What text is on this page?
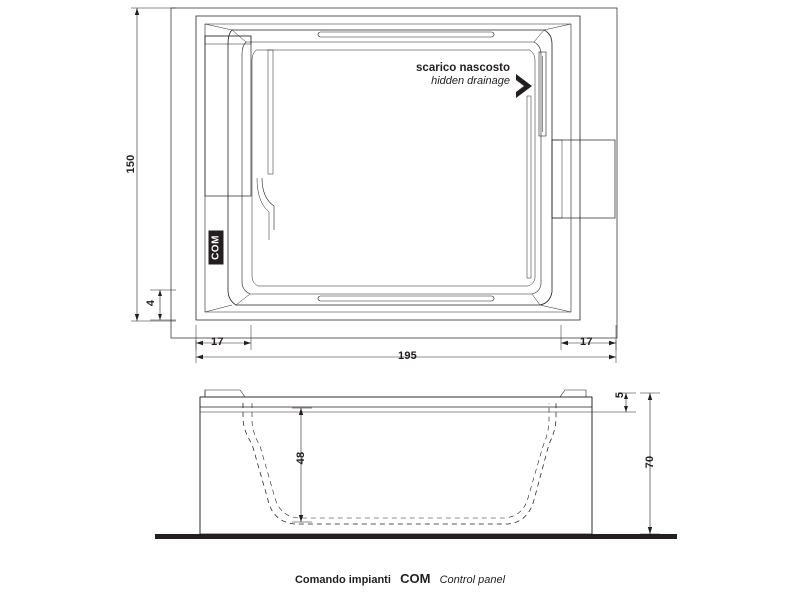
150
4
17	17
195
48
5
70
scarico nascosto
hidden drainage
COM
Comando impianti COM Control panel
